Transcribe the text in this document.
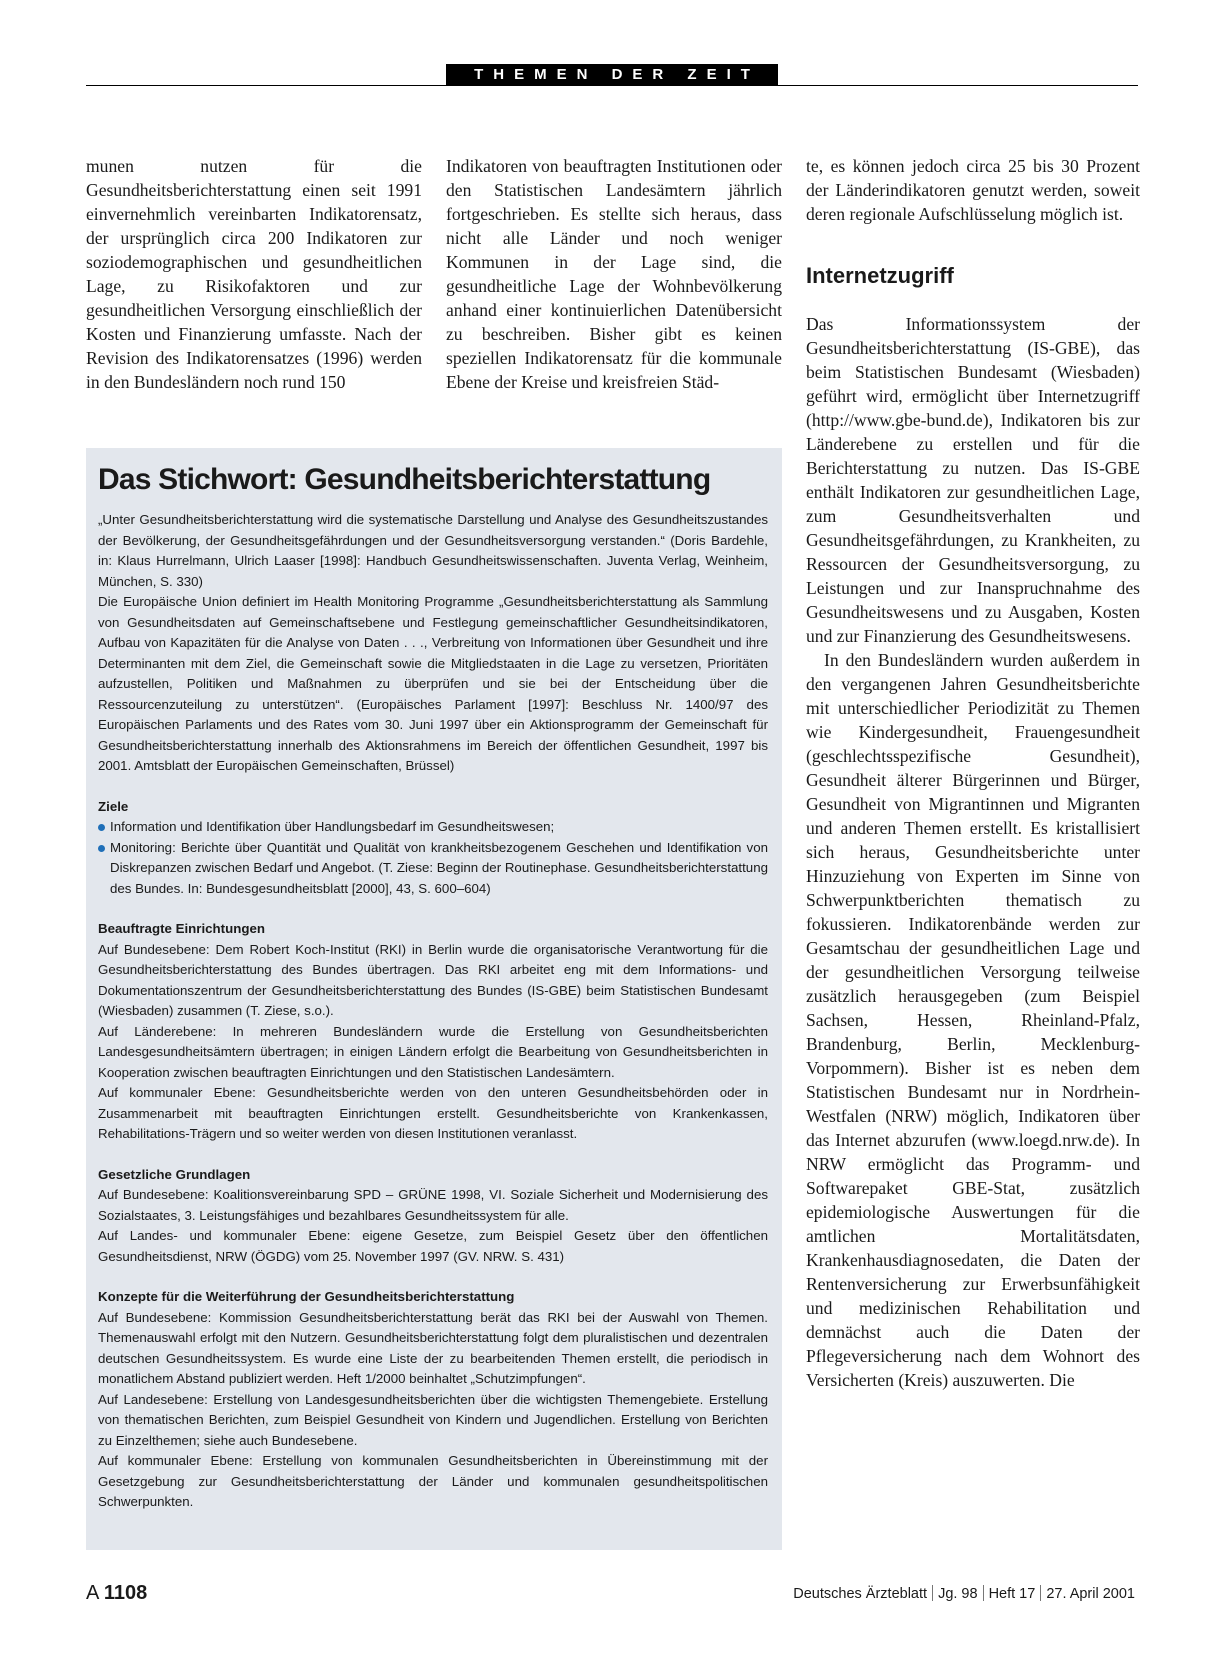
THEMEN DER ZEIT

munen nutzen für die Gesundheitsberichterstattung einen seit 1991 einvernehmlich vereinbarten Indikatorensatz, der ursprünglich circa 200 Indikatoren zur soziodemographischen und gesundheitlichen Lage, zu Risikofaktoren und zur gesundheitlichen Versorgung einschließlich der Kosten und Finanzierung umfasste. Nach der Revision des Indikatorensatzes (1996) werden in den Bundesländern noch rund 150

Indikatoren von beauftragten Institutionen oder den Statistischen Landesämtern jährlich fortgeschrieben. Es stellte sich heraus, dass nicht alle Länder und noch weniger Kommunen in der Lage sind, die gesundheitliche Lage der Wohnbevölkerung anhand einer kontinuierlichen Datenübersicht zu beschreiben. Bisher gibt es keinen speziellen Indikatorensatz für die kommunale Ebene der Kreise und kreisfreien Städ-

te, es können jedoch circa 25 bis 30 Prozent der Länderindikatoren genutzt werden, soweit deren regionale Aufschlüsselung möglich ist.

Internetzugriff

Das Informationssystem der Gesundheitsberichterstattung (IS-GBE), das beim Statistischen Bundesamt (Wiesbaden) geführt wird, ermöglicht über Internetzugriff (http://www.gbe-bund.de), Indikatoren bis zur Länderebene zu erstellen und für die Berichterstattung zu nutzen. Das IS-GBE enthält Indikatoren zur gesundheitlichen Lage, zum Gesundheitsverhalten und Gesundheitsgefährdungen, zu Krankheiten, zu Ressourcen der Gesundheitsversorgung, zu Leistungen und zur Inanspruchnahme des Gesundheitswesens und zu Ausgaben, Kosten und zur Finanzierung des Gesundheitswesens.

In den Bundesländern wurden außerdem in den vergangenen Jahren Gesundheitsberichte mit unterschiedlicher Periodizität zu Themen wie Kindergesundheit, Frauengesundheit (geschlechtsspezifische Gesundheit), Gesundheit älterer Bürgerinnen und Bürger, Gesundheit von Migrantinnen und Migranten und anderen Themen erstellt. Es kristallisiert sich heraus, Gesundheitsberichte unter Hinzuziehung von Experten im Sinne von Schwerpunktberichten thematisch zu fokussieren. Indikatorenbände werden zur Gesamtschau der gesundheitlichen Lage und der gesundheitlichen Versorgung teilweise zusätzlich herausgegeben (zum Beispiel Sachsen, Hessen, Rheinland-Pfalz, Brandenburg, Berlin, Mecklenburg-Vorpommern). Bisher ist es neben dem Statistischen Bundesamt nur in Nordrhein-Westfalen (NRW) möglich, Indikatoren über das Internet abzurufen (www.loegd.nrw.de). In NRW ermöglicht das Programm- und Softwarepaket GBE-Stat, zusätzlich epidemiologische Auswertungen für die amtlichen Mortalitätsdaten, Krankenhausdiagnosedaten, die Daten der Rentenversicherung zur Erwerbsunfähigkeit und medizinischen Rehabilitation und demnächst auch die Daten der Pflegeversicherung nach dem Wohnort des Versicherten (Kreis) auszuwerten. Die

Das Stichwort: Gesundheitsberichterstattung

„Unter Gesundheitsberichterstattung wird die systematische Darstellung und Analyse des Gesundheitszustandes der Bevölkerung, der Gesundheitsgefährdungen und der Gesundheitsversorgung verstanden.“ (Doris Bardehle, in: Klaus Hurrelmann, Ulrich Laaser [1998]: Handbuch Gesundheitswissenschaften. Juventa Verlag, Weinheim, München, S. 330)

Die Europäische Union definiert im Health Monitoring Programme „Gesundheitsberichterstattung als Sammlung von Gesundheitsdaten auf Gemeinschaftsebene und Festlegung gemeinschaftlicher Gesundheitsindikatoren, Aufbau von Kapazitäten für die Analyse von Daten . . ., Verbreitung von Informationen über Gesundheit und ihre Determinanten mit dem Ziel, die Gemeinschaft sowie die Mitgliedstaaten in die Lage zu versetzen, Prioritäten aufzustellen, Politiken und Maßnahmen zu überprüfen und sie bei der Entscheidung über die Ressourcenzuteilung zu unterstützen“. (Europäisches Parlament [1997]: Beschluss Nr. 1400/97 des Europäischen Parlaments und des Rates vom 30. Juni 1997 über ein Aktionsprogramm der Gemeinschaft für Gesundheitsberichterstattung innerhalb des Aktionsrahmens im Bereich der öffentlichen Gesundheit, 1997 bis 2001. Amtsblatt der Europäischen Gemeinschaften, Brüssel)

Ziele
Information und Identifikation über Handlungsbedarf im Gesundheitswesen;
Monitoring: Berichte über Quantität und Qualität von krankheitsbezogenem Geschehen und Identifikation von Diskrepanzen zwischen Bedarf und Angebot. (T. Ziese: Beginn der Routinephase. Gesundheitsberichterstattung des Bundes. In: Bundesgesundheitsblatt [2000], 43, S. 600–604)
Beauftragte Einrichtungen

Auf Bundesebene: Dem Robert Koch-Institut (RKI) in Berlin wurde die organisatorische Verantwortung für die Gesundheitsberichterstattung des Bundes übertragen. Das RKI arbeitet eng mit dem Informations- und Dokumentationszentrum der Gesundheitsberichterstattung des Bundes (IS-GBE) beim Statistischen Bundesamt (Wiesbaden) zusammen (T. Ziese, s.o.).

Auf Länderebene: In mehreren Bundesländern wurde die Erstellung von Gesundheitsberichten Landesgesundheitsämtern übertragen; in einigen Ländern erfolgt die Bearbeitung von Gesundheitsberichten in Kooperation zwischen beauftragten Einrichtungen und den Statistischen Landesämtern.

Auf kommunaler Ebene: Gesundheitsberichte werden von den unteren Gesundheitsbehörden oder in Zusammenarbeit mit beauftragten Einrichtungen erstellt. Gesundheitsberichte von Krankenkassen, Rehabilitations-Trägern und so weiter werden von diesen Institutionen veranlasst.

Gesetzliche Grundlagen

Auf Bundesebene: Koalitionsvereinbarung SPD – GRÜNE 1998, VI. Soziale Sicherheit und Modernisierung des Sozialstaates, 3. Leistungsfähiges und bezahlbares Gesundheitssystem für alle.

Auf Landes- und kommunaler Ebene: eigene Gesetze, zum Beispiel Gesetz über den öffentlichen Gesundheitsdienst, NRW (ÖGDG) vom 25. November 1997 (GV. NRW. S. 431)

Konzepte für die Weiterführung der Gesundheitsberichterstattung

Auf Bundesebene: Kommission Gesundheitsberichterstattung berät das RKI bei der Auswahl von Themen. Themenauswahl erfolgt mit den Nutzern. Gesundheitsberichterstattung folgt dem pluralistischen und dezentralen deutschen Gesundheitssystem. Es wurde eine Liste der zu bearbeitenden Themen erstellt, die periodisch in monatlichem Abstand publiziert werden. Heft 1/2000 beinhaltet „Schutzimpfungen“.

Auf Landesebene: Erstellung von Landesgesundheitsberichten über die wichtigsten Themengebiete. Erstellung von thematischen Berichten, zum Beispiel Gesundheit von Kindern und Jugendlichen. Erstellung von Berichten zu Einzelthemen; siehe auch Bundesebene.

Auf kommunaler Ebene: Erstellung von kommunalen Gesundheitsberichten in Übereinstimmung mit der Gesetzgebung zur Gesundheitsberichterstattung der Länder und kommunalen gesundheitspolitischen Schwerpunkten.

A 1108	Deutsches Ärzteblatt Jg. 98 Heft 17 27. April 2001
